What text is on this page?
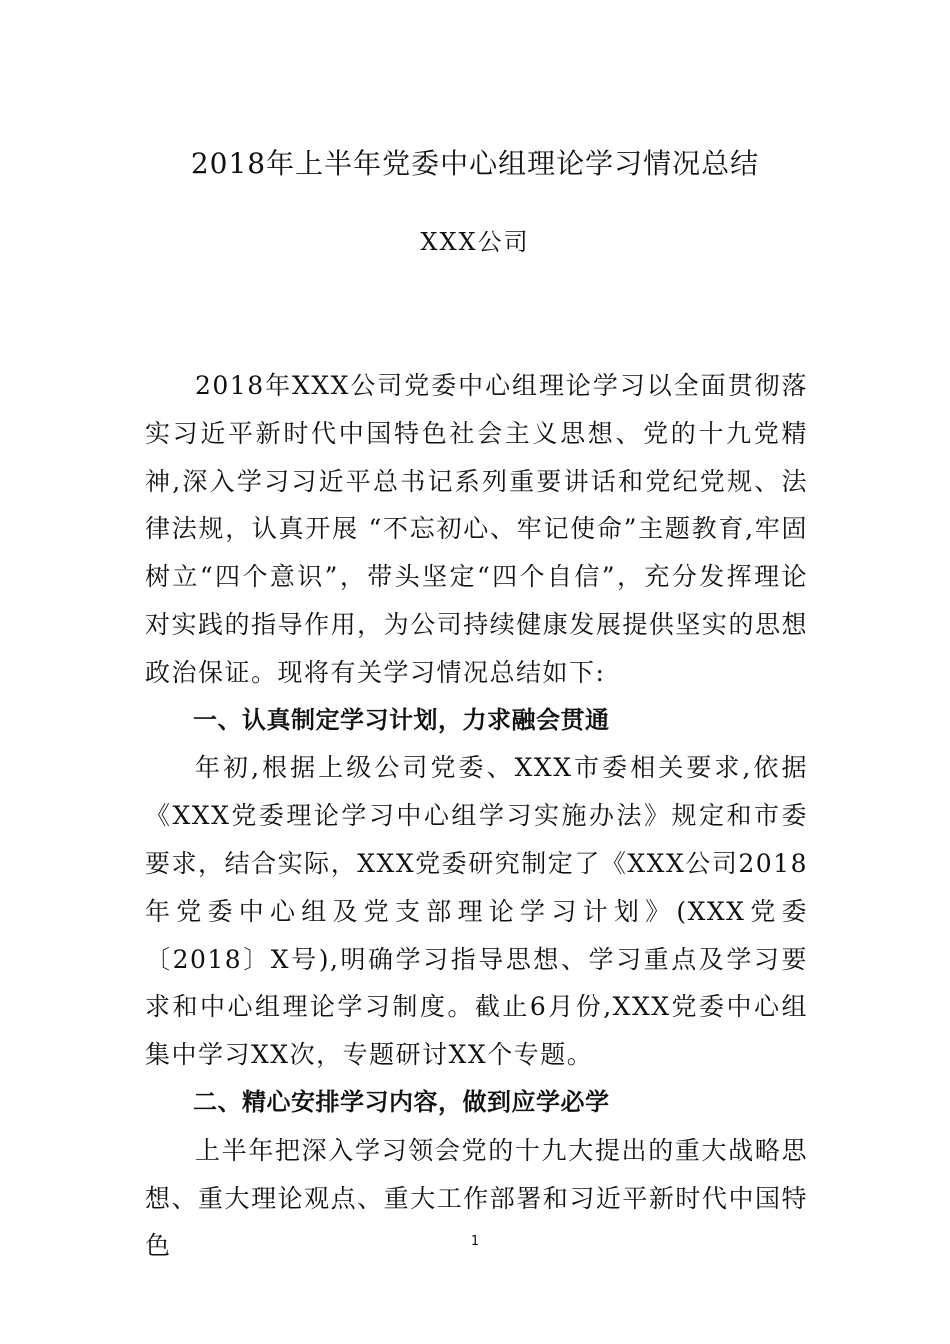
2018年上半年党委中心组理论学习情况总结
XXX公司

2018年XXX公司党委中心组理论学习以全面贯彻落实习近平新时代中国特色社会主义思想、党的十九党精神,深入学习习近平总书记系列重要讲话和党纪党规、法律法规，认真开展 “不忘初心、牢记使命”主题教育,牢固树立“四个意识”，带头坚定“四个自信”，充分发挥理论对实践的指导作用，为公司持续健康发展提供坚实的思想政治保证。现将有关学习情况总结如下:

一、认真制定学习计划，力求融会贯通

年初,根据上级公司党委、XXX市委相关要求,依据《XXX党委理论学习中心组学习实施办法》规定和市委要求，结合实际，XXX党委研究制定了《XXX公司2018年党委中心组及党支部理论学习计划》(XXX党委〔2018〕X号),明确学习指导思想、学习重点及学习要求和中心组理论学习制度。截止6月份,XXX党委中心组集中学习XX次，专题研讨XX个专题。

二、精心安排学习内容，做到应学必学

上半年把深入学习领会党的十九大提出的重大战略思想、重大理论观点、重大工作部署和习近平新时代中国特色	1
